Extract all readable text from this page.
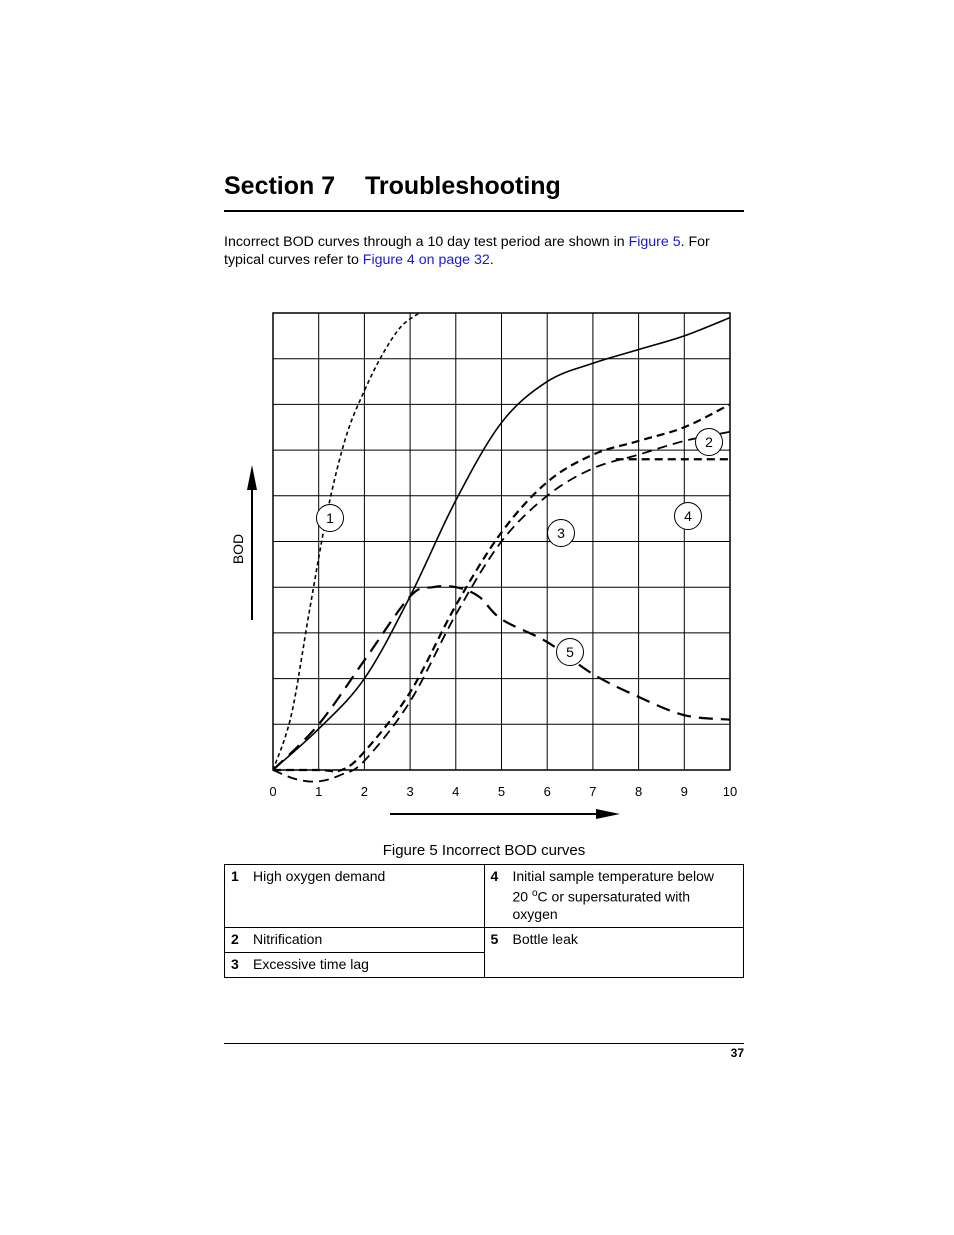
Section 7 Troubleshooting
Incorrect BOD curves through a 10 day test period are shown in Figure 5. For typical curves refer to Figure 4 on page 32.
0	1	2	3	4	5	6	7	8	9	10
1
2
3
4
5
BOD
Figure 5 Incorrect BOD curves
1 High oxygen demand	4 Initial sample temperature below 20 $^o$C or supersaturated with oxygen
2 Nitrification	5 Bottle leak
3 Excessive time lag	
37
